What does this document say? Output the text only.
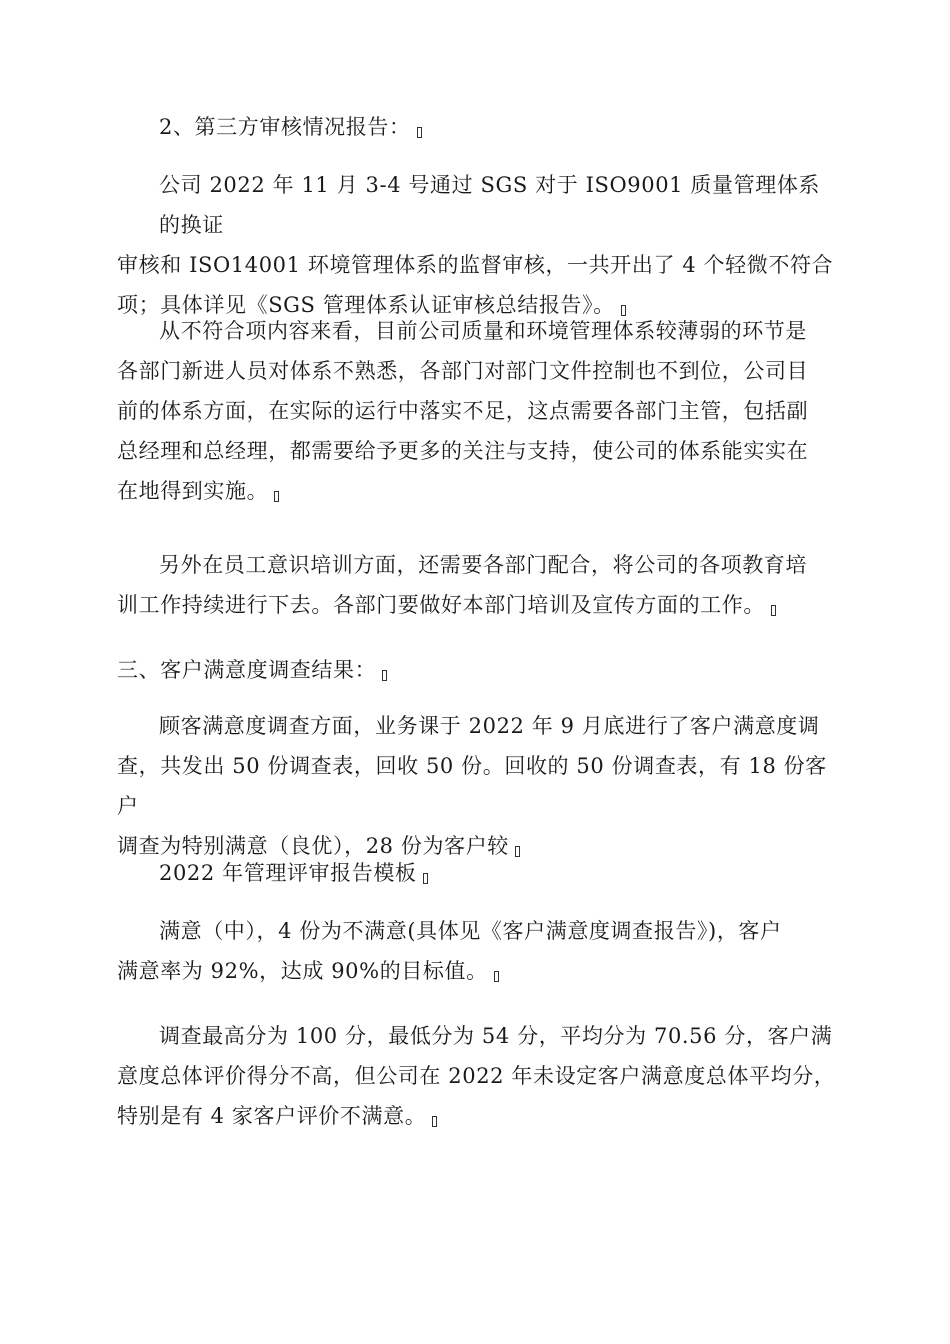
2、第三方审核情况报告：

公司 2022 年 11 月 3-4 号通过 SGS 对于 ISO9001 质量管理体系的换证
审核和 ISO14001 环境管理体系的监督审核，一共开出了 4 个轻微不符合
项；具体详见《SGS 管理体系认证审核总结报告》。

从不符合项内容来看，目前公司质量和环境管理体系较薄弱的环节是
各部门新进人员对体系不熟悉，各部门对部门文件控制也不到位，公司目
前的体系方面，在实际的运行中落实不足，这点需要各部门主管，包括副
总经理和总经理，都需要给予更多的关注与支持，使公司的体系能实实在
在地得到实施。

另外在员工意识培训方面，还需要各部门配合，将公司的各项教育培
训工作持续进行下去。各部门要做好本部门培训及宣传方面的工作。

三、客户满意度调查结果：

顾客满意度调查方面，业务课于 2022 年 9 月底进行了客户满意度调
查，共发出 50 份调查表，回收 50 份。回收的 50 份调查表，有 18 份客户
调查为特别满意（良优），28 份为客户较

2022 年管理评审报告模板

满意（中），4 份为不满意(具体见《客户满意度调查报告》)，客户
满意率为 92%，达成 90%的目标值。

调查最高分为 100 分，最低分为 54 分，平均分为 70.56 分，客户满
意度总体评价得分不高，但公司在 2022 年未设定客户满意度总体平均分，
特别是有 4 家客户评价不满意。
